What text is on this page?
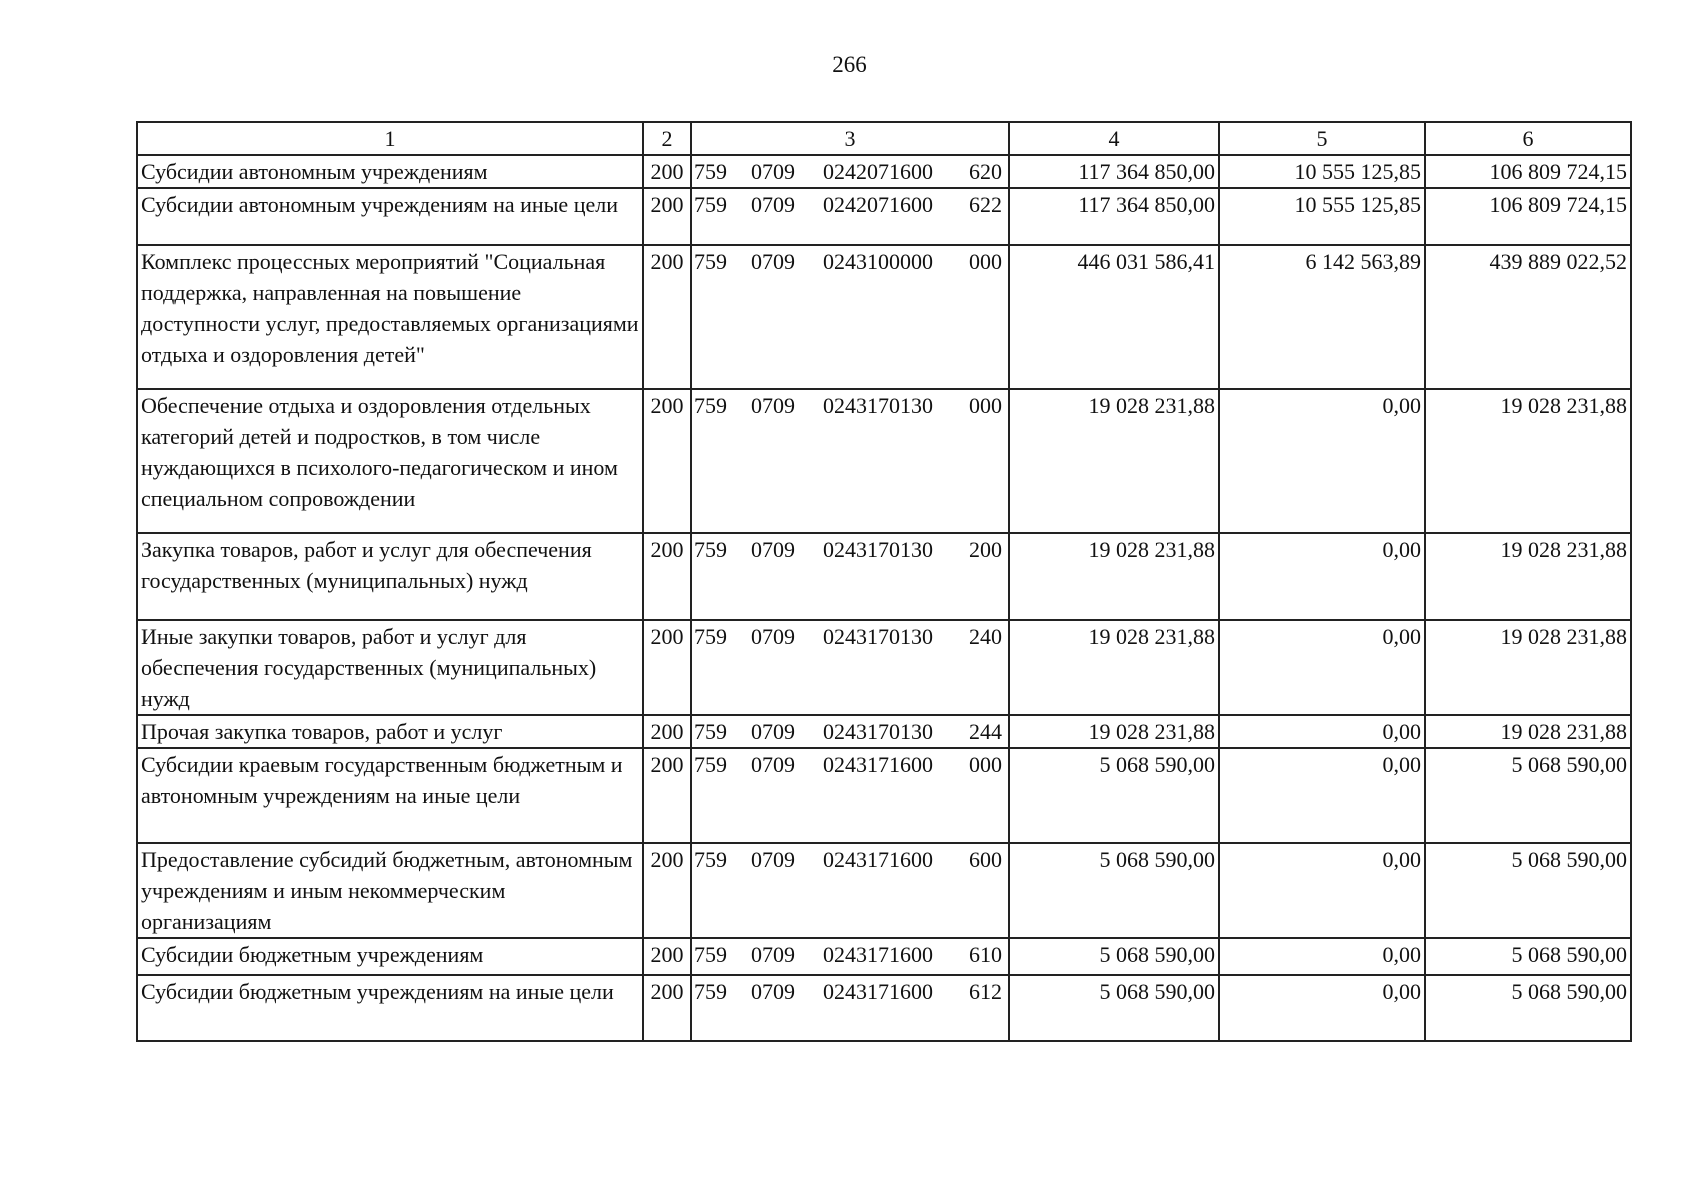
266
1	2	3	4	5	6
Субсидии автономным учреждениям	200	759 0709 0242071600 620	117 364 850,00	10 555 125,85	106 809 724,15
Субсидии автономным учреждениям на иные цели	200	759 0709 0242071600 622	117 364 850,00	10 555 125,85	106 809 724,15
Комплекс процессных мероприятий "Социальная поддержка, направленная на повышение доступности услуг, предоставляемых организациями отдыха и оздоровления детей"	200	759 0709 0243100000 000	446 031 586,41	6 142 563,89	439 889 022,52
Обеспечение отдыха и оздоровления отдельных категорий детей и подростков, в том числе нуждающихся в психолого-педагогическом и ином специальном сопровождении	200	759 0709 0243170130 000	19 028 231,88	0,00	19 028 231,88
Закупка товаров, работ и услуг для обеспечения государственных (муниципальных) нужд	200	759 0709 0243170130 200	19 028 231,88	0,00	19 028 231,88
Иные закупки товаров, работ и услуг для обеспечения государственных (муниципальных) нужд	200	759 0709 0243170130 240	19 028 231,88	0,00	19 028 231,88
Прочая закупка товаров, работ и услуг	200	759 0709 0243170130 244	19 028 231,88	0,00	19 028 231,88
Субсидии краевым государственным бюджетным и автономным учреждениям на иные цели	200	759 0709 0243171600 000	5 068 590,00	0,00	5 068 590,00
Предоставление субсидий бюджетным, автономным учреждениям и иным некоммерческим организациям	200	759 0709 0243171600 600	5 068 590,00	0,00	5 068 590,00
Субсидии бюджетным учреждениям	200	759 0709 0243171600 610	5 068 590,00	0,00	5 068 590,00
Субсидии бюджетным учреждениям на иные цели	200	759 0709 0243171600 612	5 068 590,00	0,00	5 068 590,00
